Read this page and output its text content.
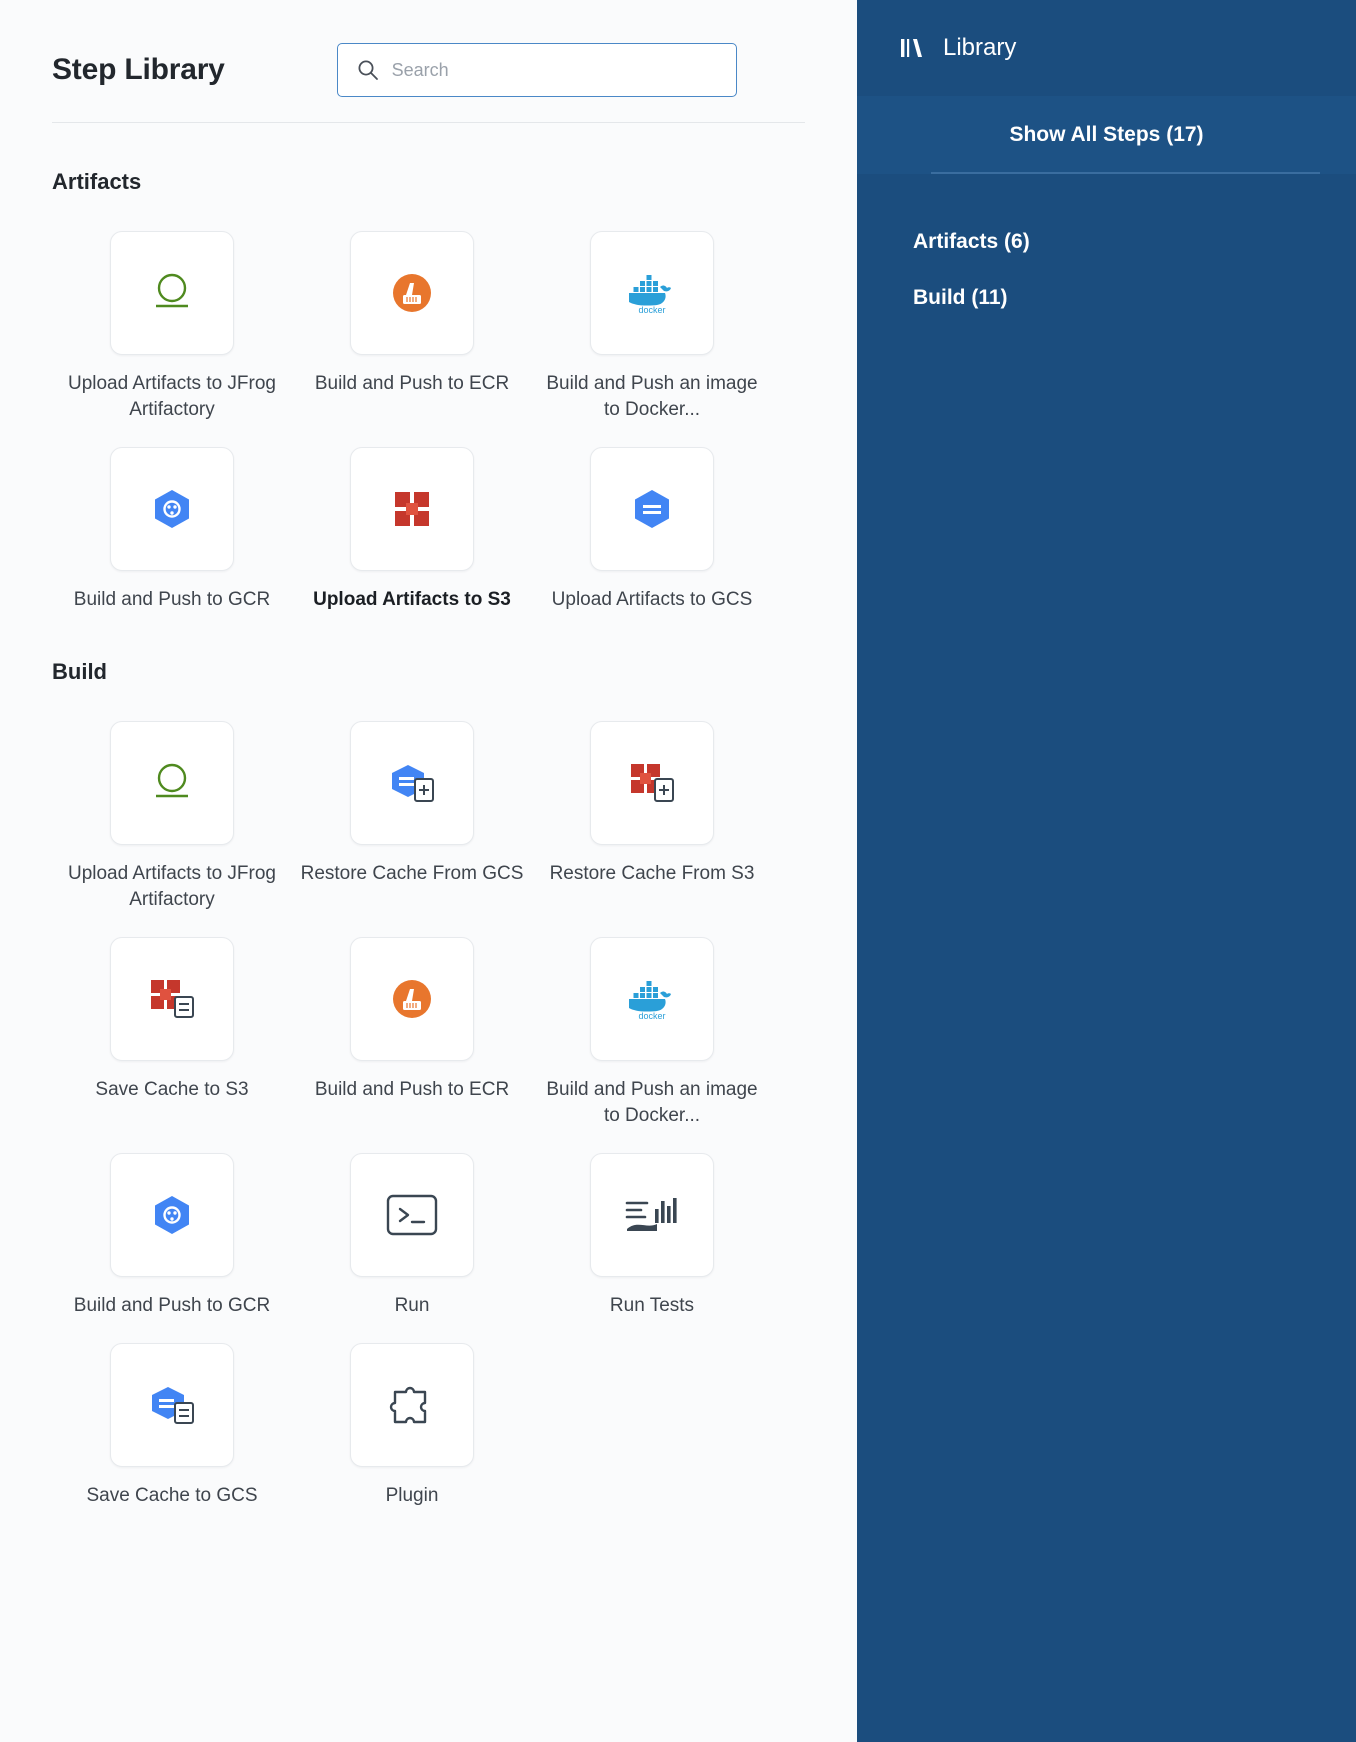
Step Library
Search
Artifacts
Upload Artifacts to JFrog Artifactory
Build and Push to ECR
docker
Build and Push an image to Docker...
Build and Push to GCR	Upload Artifacts to S3	Upload Artifacts to GCS
Build
Upload Artifacts to JFrog Artifactory
Restore Cache From GCS	Restore Cache From S3
Save Cache to S3	Build and Push to ECR
docker
Build and Push an image to Docker...
Build and Push to GCR	Run	Run Tests
Save Cache to GCS	Plugin
Library
Show All Steps (17)
Artifacts (6)
Build (11)
